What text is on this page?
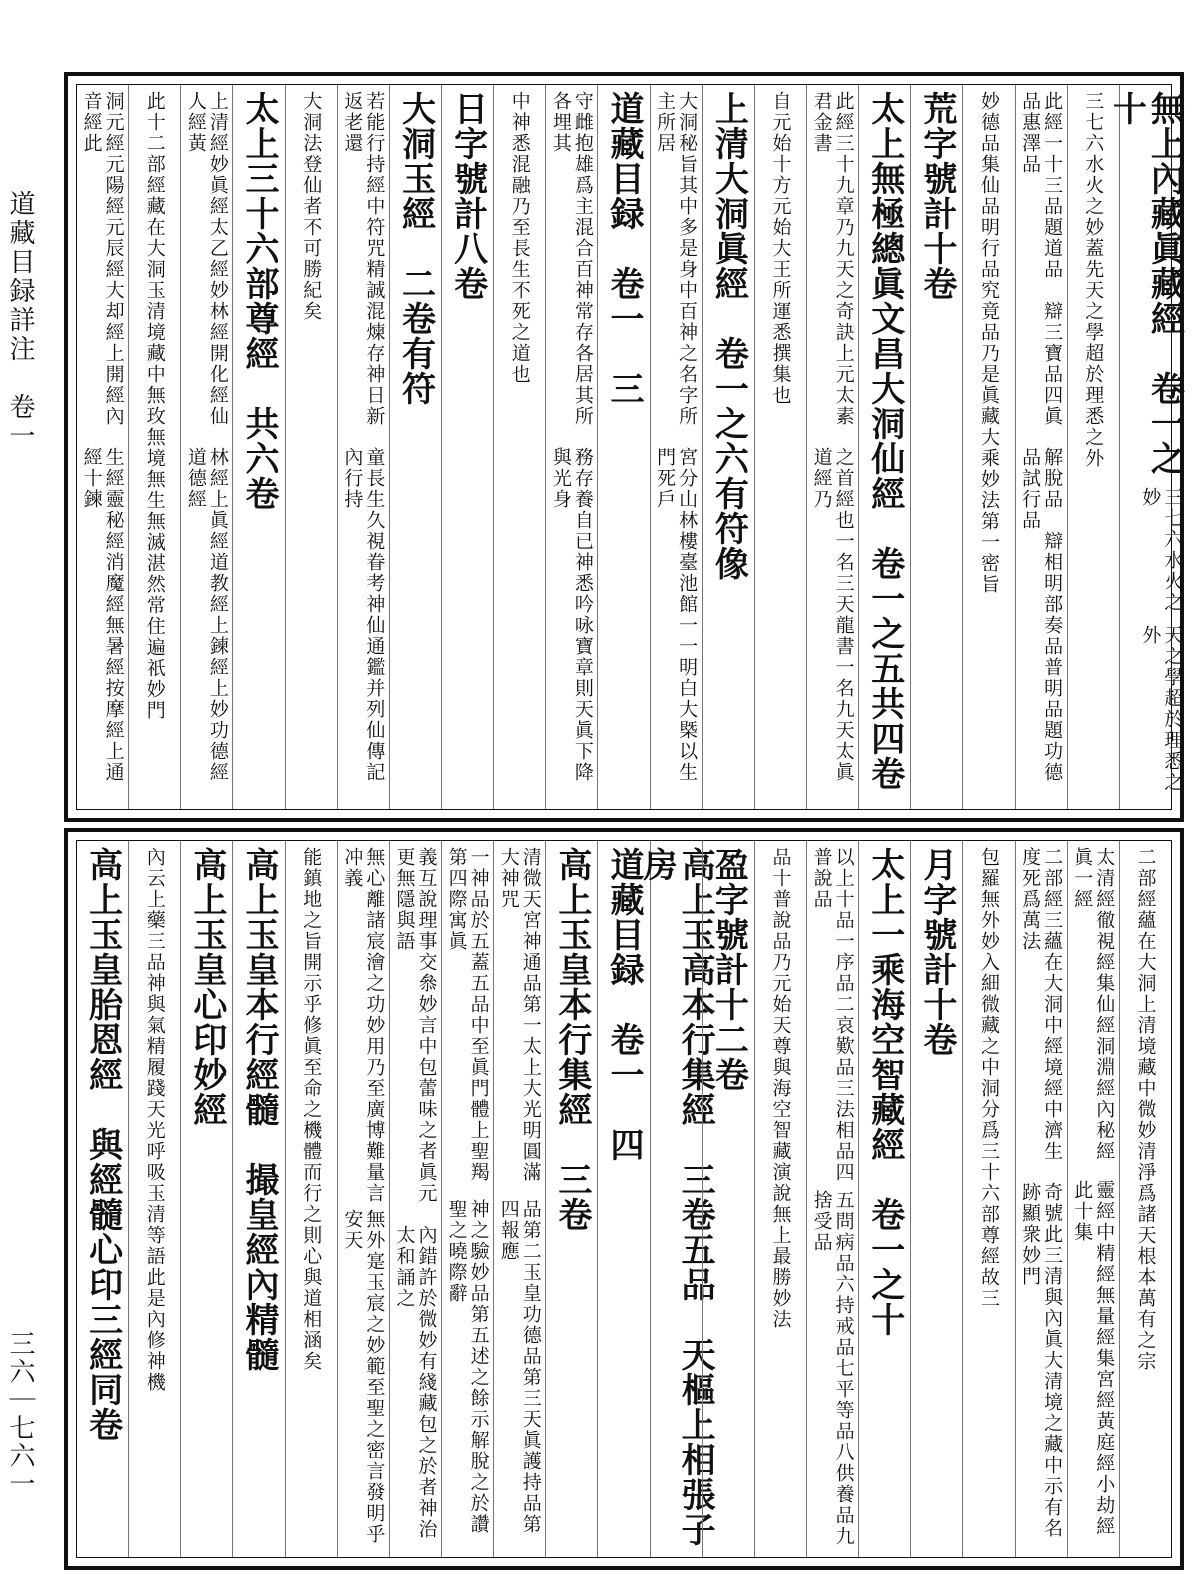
道藏目録詳注　卷一
三六｜七六一
無上內藏眞藏經　卷一之十
三七六水火之妙
天之學超於理悉之外
三七六水火之妙蓋先
天之學超於理悉之外
此經一十三品題道品　辯三寶品四眞品惠澤品
解脫品　辯相明部奏品普明品題功德品試行品
妙德品集仙品明行品究竟品
乃是眞藏大乘妙法第一密旨
荒字號計十卷
太上無極總眞文昌大洞仙經　卷一之五共四卷
此經三十九章乃九天之奇訣上元太素君金書
之首經也一名三天龍書一名九天太眞道經乃
自元始十方元始大
王所運悉撰集也
上清大洞眞經　卷一之六有符像
大洞秘旨其中多是身中百神之名字所主所居
宮分山林樓臺池館一一明白大槩以生門死戶
道藏目録　卷一　三
守雌抱雄爲主混合百神常存各居其所各埋其
務存養自已神悉吟咏寶章則天眞下降與光身
中神悉混融乃至
長生不死之道也
日字號計八卷
大洞玉經　二卷有符
若能行持經中符咒精誠混煉存神日新返老還
童長生久視眷考神仙通鑑并列仙傳記內行持
大洞法登仙
者不可勝紀矣
太上三十六部尊經　共六卷
上清經妙眞經太乙經妙林經開化經仙人經黃
林經上眞經道教經上鍊經上妙功德經道德經
此十二部經藏在大洞玉清境藏中無
玫無境無生無滅湛然常住遍祇妙門
洞元經元陽經元辰經大却經上開經內音經此
生經靈秘經消魔經無暑經按摩經上通經十鍊
二部經蘊在大洞上清境藏中微
妙清淨爲諸天根本萬有之宗
太清經徹視經集仙經洞淵經內秘經眞一經
靈經中精經無量經集宮經黃庭經小劫經此十集
二部經三蘊在大洞中經境經中濟生度死爲萬法
奇號此三清與內眞大清境之藏中示有名跡顯衆妙門
包羅無外妙入細微藏之中
洞分爲三十六部尊經故三
月字號計十卷
太上一乘海空智藏經　卷一之十
以上十品一序品二哀歎品三法相品四普說品
五問病品六持戒品七平等品八供養品九捨受品
品十普說品乃元始天尊與海
空智藏演說無上最勝妙法
盈字號計十二卷
高上玉高本行集經　三卷五品　天樞上相張子房
道藏目録　卷一　四
高上玉皇本行集經　三卷
清微天宮神通品第一太上大光明圓滿大神咒
品第二玉皇功德品第三天眞護持品第四報應
一神品於五蓋五品中至眞門體上聖羯第四際寓眞
神之驗妙品第五述之餘示解脫之於讚聖之曉際辭
義互說理事交叅妙言中包蕾味之者眞元更無隱與語
內錯許於微妙有綫藏包之於者神治太和誦之
無心離諸宸澮之功妙用乃至廣博難量言冲義
無外寔玉宸之妙範至聖之密言發明乎安天
能鎮地之旨開示乎修眞至命之機
體而行之則心與道相涵矣
高上玉皇本行經髓　撮皇經內精髓
高上玉皇心印妙經
內云上藥三品神與氣精履踐天
光呼吸玉清等語此是內修神機
高上玉皇胎恩經　與經髓心印三經同卷
